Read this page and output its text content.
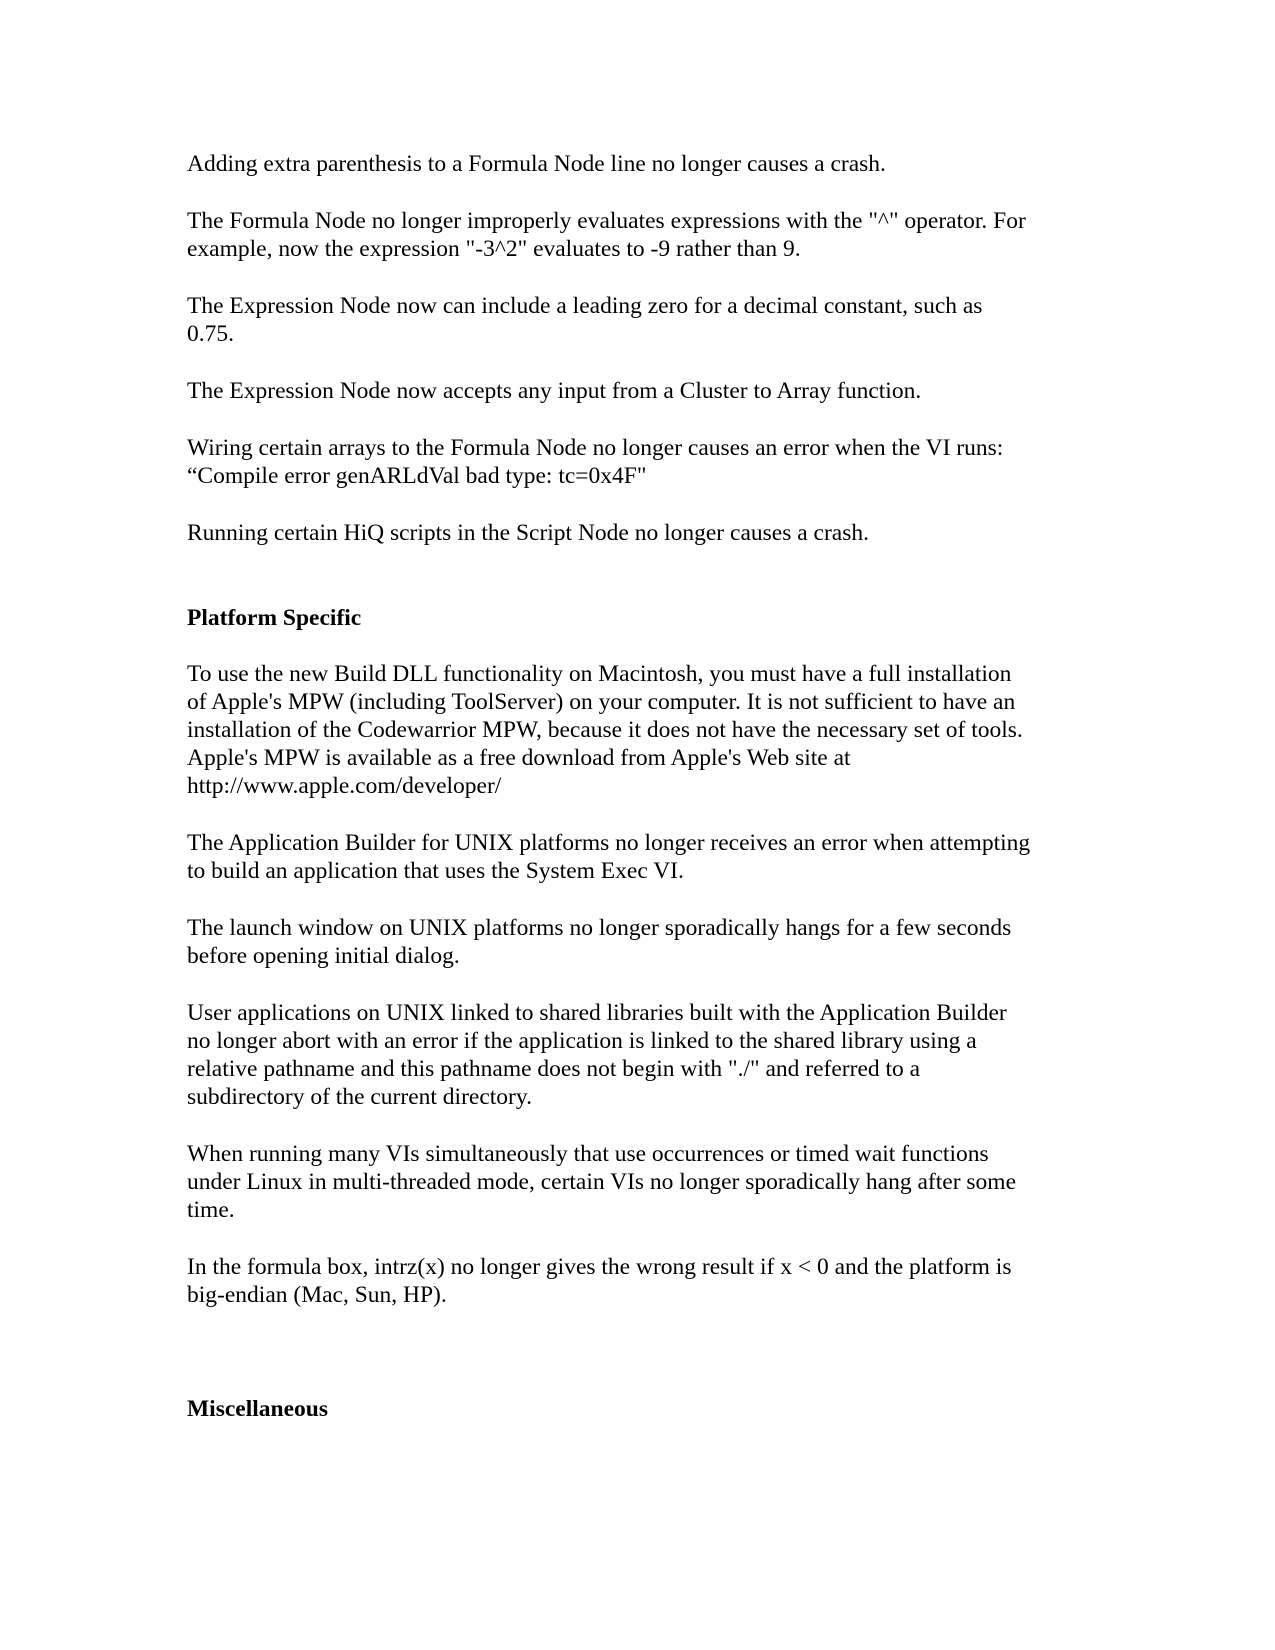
Adding extra parenthesis to a Formula Node line no longer causes a crash.

The Formula Node no longer improperly evaluates expressions with the "^" operator. For
example, now the expression "-3^2" evaluates to -9 rather than 9.

The Expression Node now can include a leading zero for a decimal constant, such as
0.75.

The Expression Node now accepts any input from a Cluster to Array function.

Wiring certain arrays to the Formula Node no longer causes an error when the VI runs:
“Compile error genARLdVal bad type: tc=0x4F"

Running certain HiQ scripts in the Script Node no longer causes a crash.

Platform Specific

To use the new Build DLL functionality on Macintosh, you must have a full installation
of Apple's MPW (including ToolServer) on your computer. It is not sufficient to have an
installation of the Codewarrior MPW, because it does not have the necessary set of tools.
Apple's MPW is available as a free download from Apple's Web site at
http://www.apple.com/developer/

The Application Builder for UNIX platforms no longer receives an error when attempting
to build an application that uses the System Exec VI.

The launch window on UNIX platforms no longer sporadically hangs for a few seconds
before opening initial dialog.

User applications on UNIX linked to shared libraries built with the Application Builder
no longer abort with an error if the application is linked to the shared library using a
relative pathname and this pathname does not begin with "./" and referred to a
subdirectory of the current directory.

When running many VIs simultaneously that use occurrences or timed wait functions
under Linux in multi-threaded mode, certain VIs no longer sporadically hang after some
time.

In the formula box, intrz(x) no longer gives the wrong result if x < 0 and the platform is
big-endian (Mac, Sun, HP).

Miscellaneous
